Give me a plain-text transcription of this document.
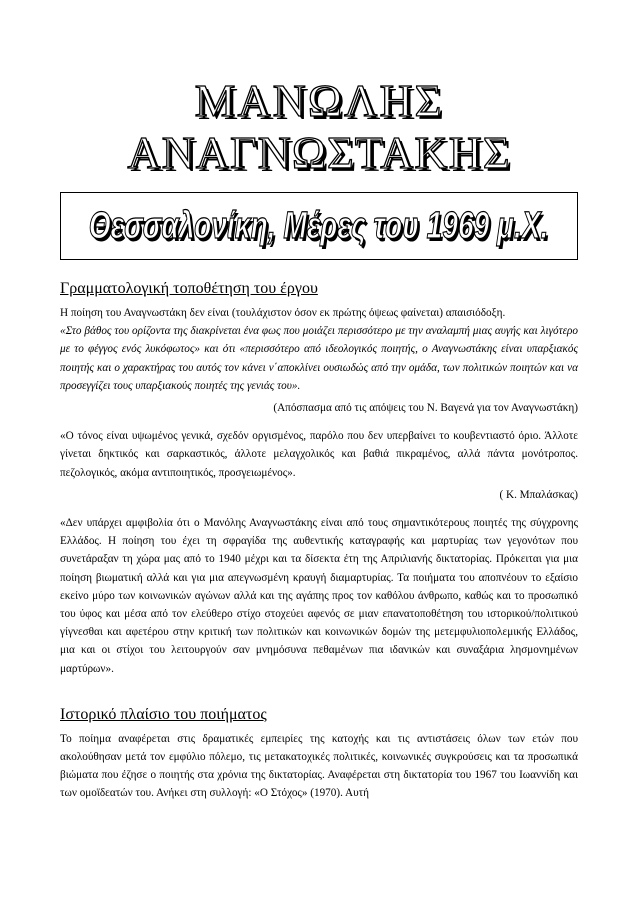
ΜΑΝΩΛΗΣ
ΑΝΑΓΝΩΣΤΑΚΗΣ
Θεσσαλονίκη, Μέρες του 1969 μ.Χ.
Γραμματολογική τοποθέτηση του έργου

Η ποίηση του Αναγνωστάκη δεν είναι (τουλάχιστον όσον εκ πρώτης όψεως φαίνεται) απαισιόδοξη.

«Στο βάθος του ορίζοντα της διακρίνεται ένα φως που μοιάζει περισσότερο με την αναλαμπή μιας αυγής και λιγότερο με το φέγγος ενός λυκόφωτος» και ότι «περισσότερο από ιδεολογικός ποιητής, ο Αναγνωστάκης είναι υπαρξιακός ποιητής και ο χαρακτήρας του αυτός τον κάνει ν΄αποκλίνει ουσιωδώς από την ομάδα, των πολιτικών ποιητών και να προσεγγίζει τους υπαρξιακούς ποιητές της γενιάς του».

(Απόσπασμα από τις απόψεις του Ν. Βαγενά για τον Αναγνωστάκη)

«Ο τόνος είναι υψωμένος γενικά, σχεδόν οργισμένος, παρόλο που δεν υπερβαίνει το κουβεντιαστό όριο. Άλλοτε γίνεται δηκτικός και σαρκαστικός, άλλοτε μελαγχολικός και βαθιά πικραμένος, αλλά πάντα μονότροπος. πεζολογικός, ακόμα αντιποιητικός, προσγειωμένος».

( Κ. Μπαλάσκας)

«Δεν υπάρχει αμφιβολία ότι ο Μανόλης Αναγνωστάκης είναι από τους σημαντικότερους ποιητές της σύγχρονης Ελλάδος. Η ποίηση του έχει τη σφραγίδα της αυθεντικής καταγραφής και μαρτυρίας των γεγονότων που συνετάραξαν τη χώρα μας από το 1940 μέχρι και τα δίσεκτα έτη της Απριλιανής δικτατορίας. Πρόκειται για μια ποίηση βιωματική αλλά και για μια απεγνωσμένη κραυγή διαμαρτυρίας. Τα ποιήματα του αποπνέουν το εξαίσιο εκείνο μύρο των κοινωνικών αγώνων αλλά και της αγάπης προς τον καθόλου άνθρωπο, καθώς και το προσωπικό του ύφος και μέσα από τον ελεύθερο στίχο στοχεύει αφενός σε μιαν επανατοποθέτηση του ιστορικού/πολιτικού γίγνεσθαι και αφετέρου στην κριτική των πολιτικών και κοινωνικών δομών της μετεμφυλιοπολεμικής Ελλάδος, μια και οι στίχοι του λειτουργούν σαν μνημόσυνα πεθαμένων πια ιδανικών και συναξάρια λησμονημένων μαρτύρων».

Ιστορικό πλαίσιο του ποιήματος

Το ποίημα αναφέρεται στις δραματικές εμπειρίες της κατοχής και τις αντιστάσεις όλων των ετών που ακολούθησαν μετά τον εμφύλιο πόλεμο, τις μετακατοχικές πολιτικές, κοινωνικές συγκρούσεις και τα προσωπικά βιώματα που έζησε ο ποιητής στα χρόνια της δικτατορίας. Αναφέρεται στη δικτατορία του 1967 του Ιωαννίδη και των ομοϊδεατών του. Ανήκει στη συλλογή: «Ο Στόχος» (1970). Αυτή
